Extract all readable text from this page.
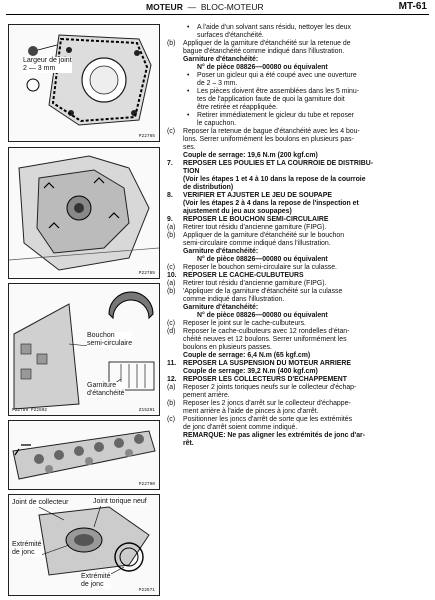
MOTEUR — BLOC-MOTEUR	MT-61
Largeur de joint
2 — 3 mm
P22765
P22785
Bouchon
semi-circulaire
Garniture
d'étanchéité
P22789 P22802	Z15201
P22790
Joint de collecteur	Joint torique neuf
Extrémité
de jonc
Extrémité
de jonc
P22671
• A l'aide d'un solvant sans résidu, nettoyer les deux
surfaces d'étanchéité.
(b) Appliquer de la garniture d'étanchéité sur la retenue de
bague d'étanchéité comme indiqué dans l'illustration.
Garniture d'étanchéité:
N° de pièce 08826—00080 ou équivalent
• Poser un gicleur qui a été coupé avec une ouverture
de 2 – 3 mm.
• Les pièces doivent être assemblées dans les 5 minu-
tes de l'application faute de quoi la garniture doit
être retirée et réappliquée.
• Retirer immédiatement le gicleur du tube et reposer
le capuchon.
(c) Reposer la retenue de bague d'étanchéité avec les 4 bou-
lons. Serrer uniformément les boulons en plusieurs pas-
ses.
Couple de serrage: 19,6 N.m (200 kgf.cm)
7. REPOSER LES POULIES ET LA COURROIE DE DISTRIBU-
TION
(Voir les étapes 1 et 4 à 10 dans la repose de la courroie
de distribution)
8. VERIFIER ET AJUSTER LE JEU DE SOUPAPE
(Voir les étapes 2 à 4 dans la repose de l'inspection et
ajustement du jeu aux soupapes)
9. REPOSER LE BOUCHON SEMI-CIRCULAIRE
(a) Retirer tout résidu d'ancienne garniture (FIPG).
(b) Appliquer de la garniture d'étanchéité sur le bouchon
semi-circulaire comme indiqué dans l'illustration.
Garniture d'étanchéité:
N° de pièce 08826—00080 ou équivalent
(c) Reposer le bouchon semi-circulaire sur la culasse.
10. REPOSER LE CACHE-CULBUTEURS
(a) Retirer tout résidu d'ancienne garniture (FIPG).
(b) 'Appliquer de la garniture d'étanchéité sur la culasse
comme indiqué dans l'illustration.
Garniture d'étanchéité:
N° de pièce 08826—00080 ou équivalent
(c) Reposer le joint sur le cache-culbuteurs.
(d) Reposer le cache-culbuteurs avec 12 rondelles d'étan-
chéité neuves et 12 boulons. Serrer uniformément les
boulons en plusieurs passes.
Couple de serrage: 6,4 N.m (65 kgf.cm)
11. REPOSER LA SUSPENSION DU MOTEUR ARRIERE
Couple de serrage: 39,2 N.m (400 kgf.cm)
12. REPOSER LES COLLECTEURS D'ECHAPPEMENT
(a) Reposer 2 joints toriques neufs sur le collecteur d'échap-
pement arrière.
(b) Reposer les 2 joncs d'arrêt sur le collecteur d'échappe-
ment arrière à l'aide de pinces à jonc d'arrêt.
(c) Positionner les joncs d'arrêt de sorte que les extrémités
de jonc d'arrêt soient comme indiqué.
REMARQUE: Ne pas aligner les extrémités de jonc d'ar-
rêt.
